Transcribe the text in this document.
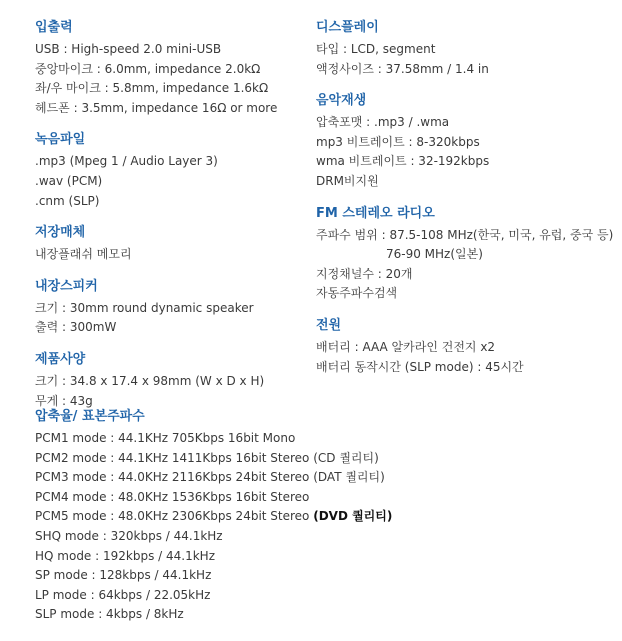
입출력
USB : High-speed 2.0 mini-USB
중앙마이크 : 6.0mm, impedance 2.0kΩ
좌/우 마이크 : 5.8mm, impedance 1.6kΩ
헤드폰 : 3.5mm, impedance 16Ω or more
녹음파일
.mp3 (Mpeg 1 / Audio Layer 3)
.wav (PCM)
.cnm (SLP)
저장매체
내장플래쉬 메모리
내장스피커
크기 : 30mm round dynamic speaker
출력 : 300mW
제품사양
크기 : 34.8 x 17.4 x 98mm (W x D x H)
무게 : 43g
디스플레이
타입 : LCD, segment
액정사이즈 : 37.58mm / 1.4 in
음악재생
압축포맷 : .mp3 / .wma
mp3 비트레이트 : 8-320kbps
wma 비트레이트 : 32-192kbps
DRM비지원
FM 스테레오 라디오
주파수 범위 : 87.5-108 MHz(한국, 미국, 유럽, 중국 등)
76-90 MHz(일본)
지정채널수 : 20개
자동주파수검색
전원
배터리 : AAA 알카라인 건전지 x2
배터리 동작시간 (SLP mode) : 45시간
압축율/ 표본주파수
PCM1 mode : 44.1KHz 705Kbps 16bit Mono
PCM2 mode : 44.1KHz 1411Kbps 16bit Stereo (CD 퀄리티)
PCM3 mode : 44.0KHz 2116Kbps 24bit Stereo (DAT 퀄리티)
PCM4 mode : 48.0KHz 1536Kbps 16bit Stereo
PCM5 mode : 48.0KHz 2306Kbps 24bit Stereo (DVD 퀄리티)
SHQ mode : 320kbps / 44.1kHz
HQ mode : 192kbps / 44.1kHz
SP mode : 128kbps / 44.1kHz
LP mode : 64kbps / 22.05kHz
SLP mode : 4kbps / 8kHz
